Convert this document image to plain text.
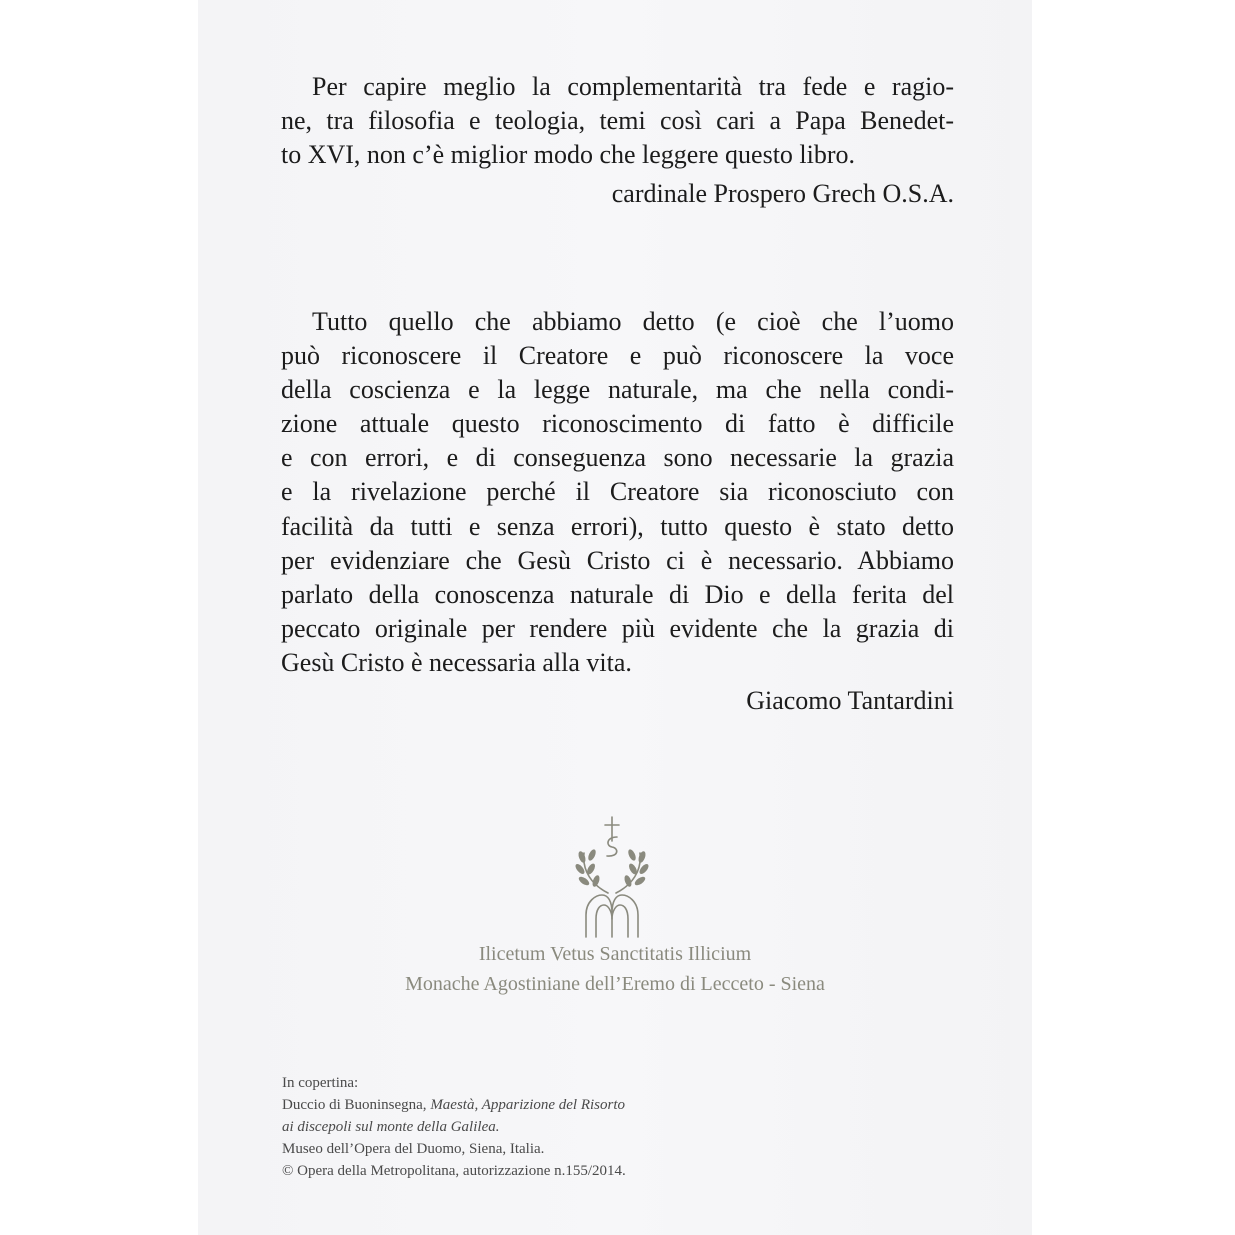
Per capire meglio la complementarità tra fede e ragio-
ne, tra filosofia e teologia, temi così cari a Papa Benedet-
to XVI, non c’è miglior modo che leggere questo libro.
cardinale Prospero Grech O.S.A.
Tutto quello che abbiamo detto (e cioè che l’uomo
può riconoscere il Creatore e può riconoscere la voce
della coscienza e la legge naturale, ma che nella condi-
zione attuale questo riconoscimento di fatto è difficile
e con errori, e di conseguenza sono necessarie la grazia
e la rivelazione perché il Creatore sia riconosciuto con
facilità da tutti e senza errori), tutto questo è stato detto
per evidenziare che Gesù Cristo ci è necessario. Abbiamo
parlato della conoscenza naturale di Dio e della ferita del
peccato originale per rendere più evidente che la grazia di
Gesù Cristo è necessaria alla vita.
Giacomo Tantardini
Ilicetum Vetus Sanctitatis Illicium
Monache Agostiniane dell’Eremo di Lecceto - Siena
In copertina:
Duccio di Buoninsegna, Maestà, Apparizione del Risorto
ai discepoli sul monte della Galilea.
Museo dell’Opera del Duomo, Siena, Italia.
© Opera della Metropolitana, autorizzazione n.155/2014.
